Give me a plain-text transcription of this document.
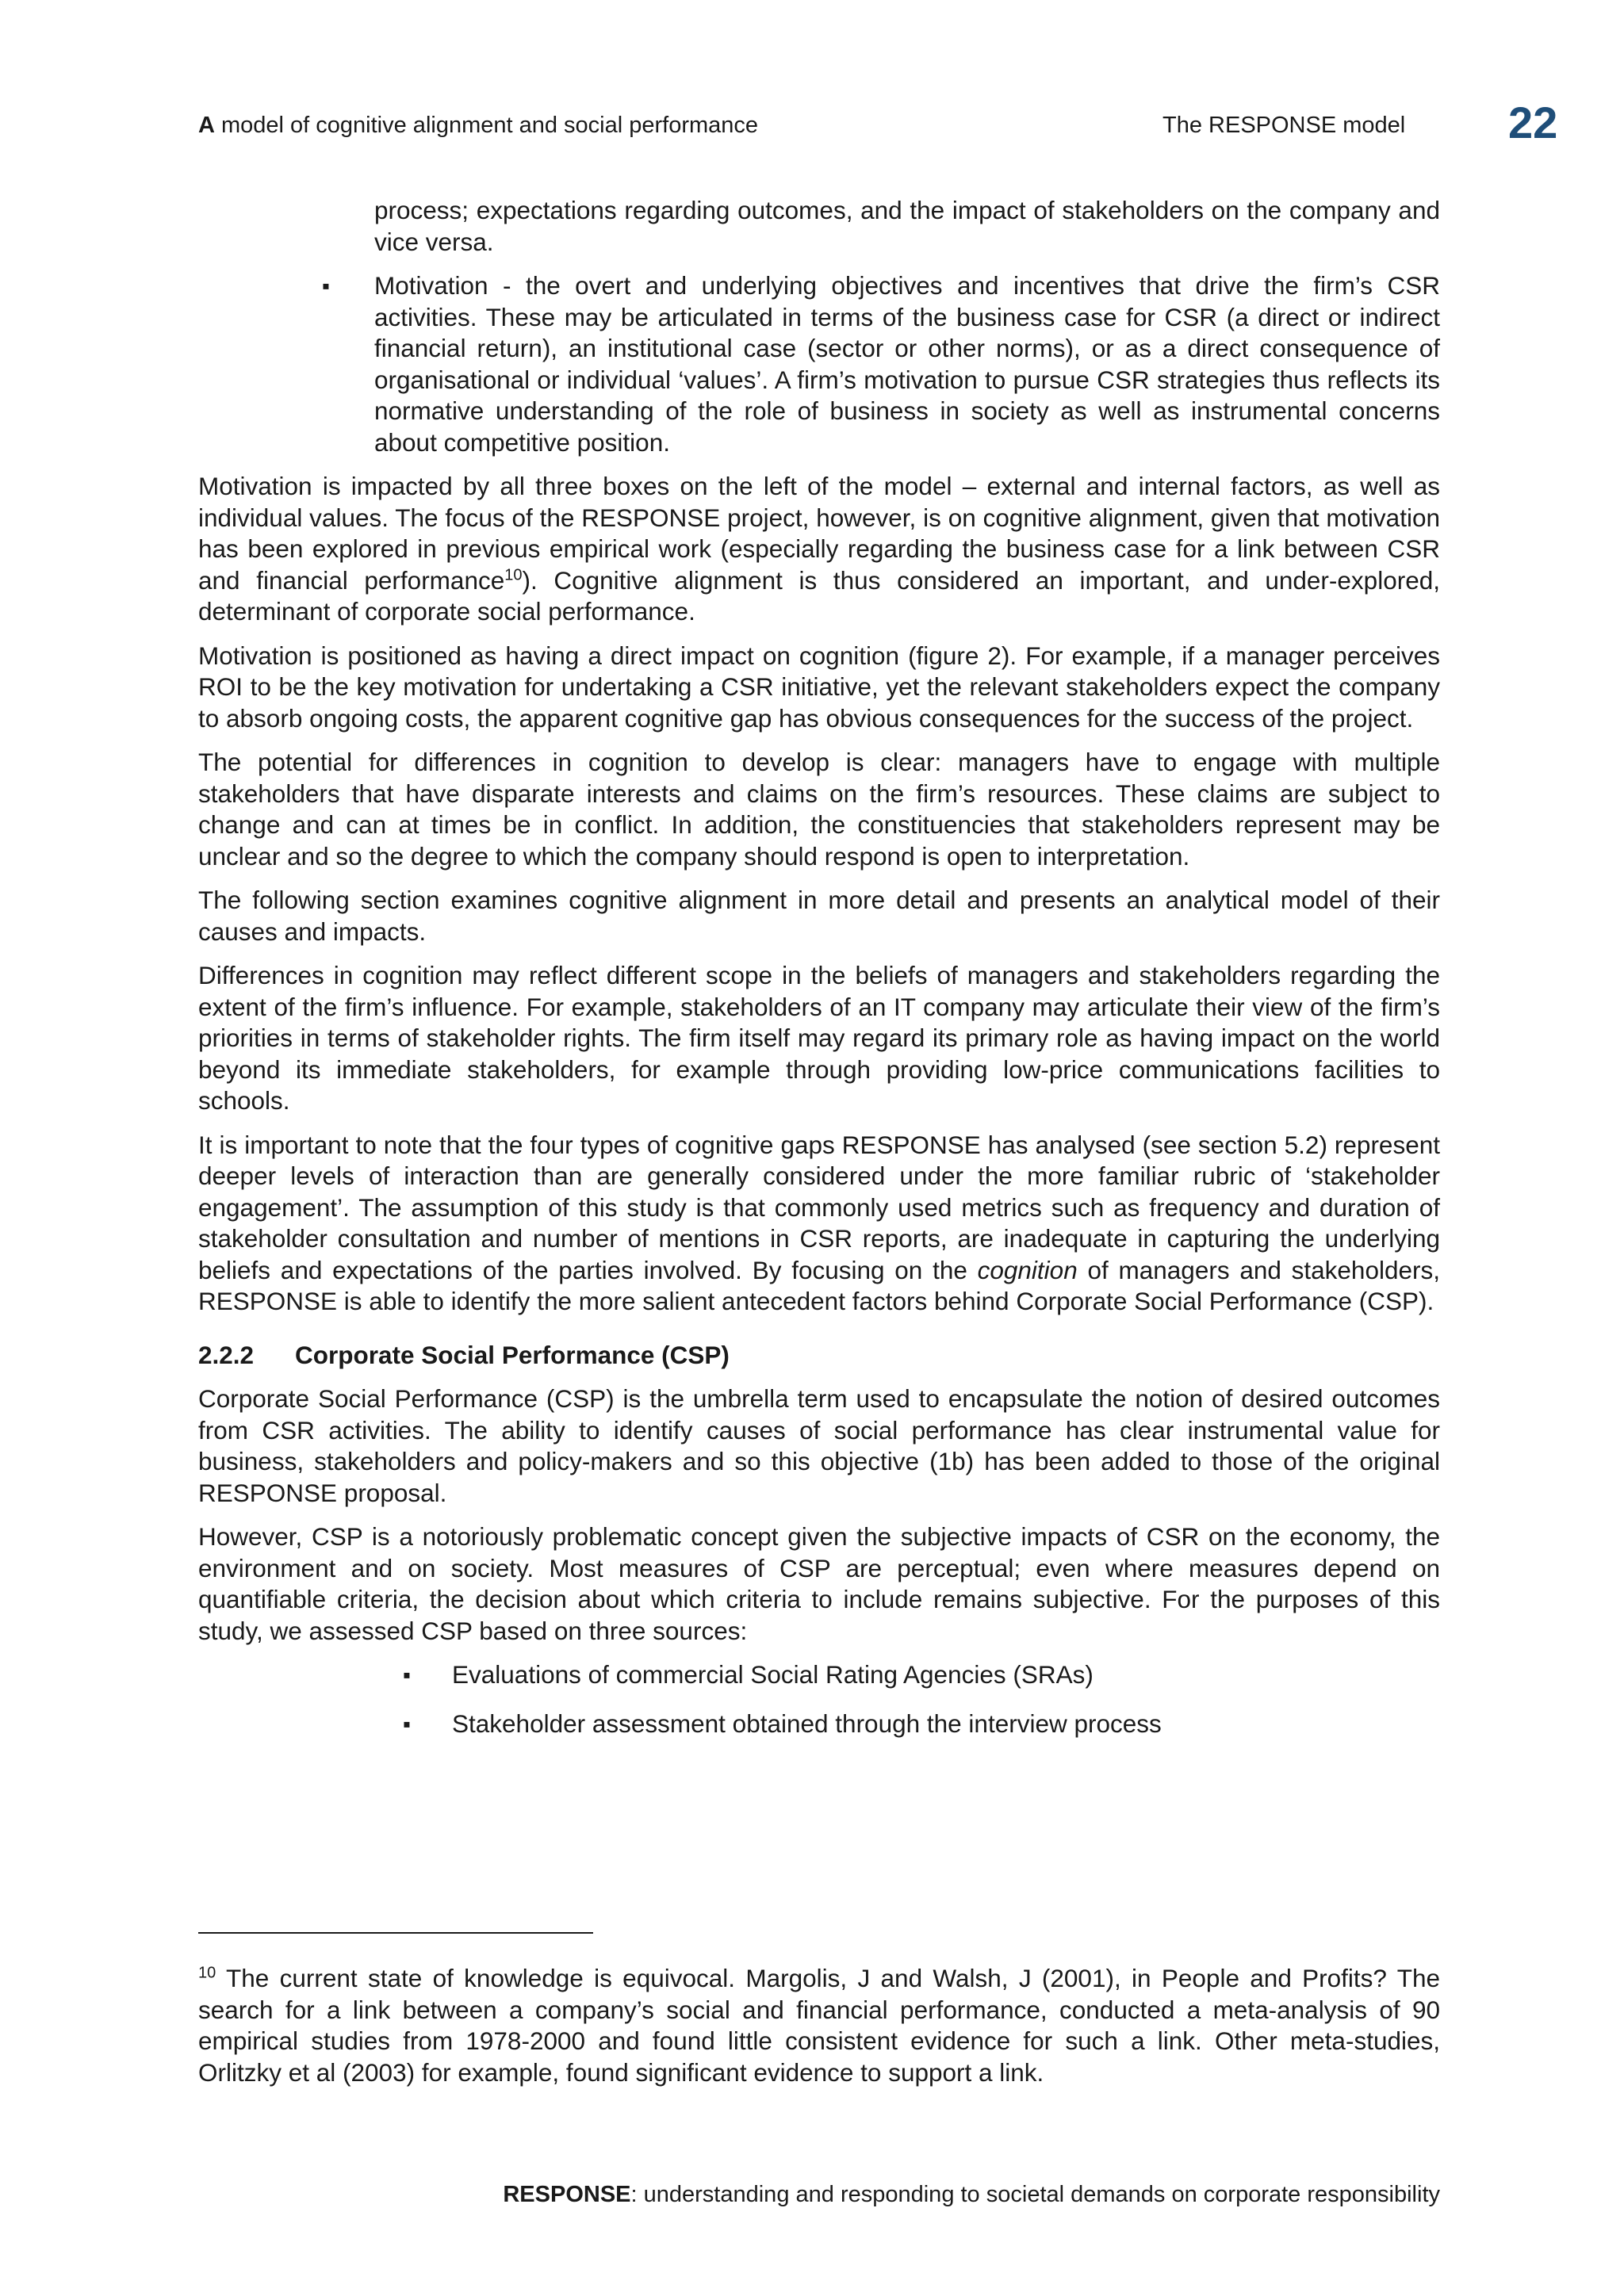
A model of cognitive alignment and social performance	The RESPONSE model 22

process; expectations regarding outcomes, and the impact of stakeholders on the company and vice versa.

▪ Motivation - the overt and underlying objectives and incentives that drive the firm’s CSR activities. These may be articulated in terms of the business case for CSR (a direct or indirect financial return), an institutional case (sector or other norms), or as a direct consequence of organisational or individual ‘values’. A firm’s motivation to pursue CSR strategies thus reflects its normative understanding of the role of business in society as well as instrumental concerns about competitive position.

Motivation is impacted by all three boxes on the left of the model – external and internal factors, as well as individual values. The focus of the RESPONSE project, however, is on cognitive alignment, given that motivation has been explored in previous empirical work (especially regarding the business case for a link between CSR and financial performance$^{10}$). Cognitive alignment is thus considered an important, and under-explored, determinant of corporate social performance.

Motivation is positioned as having a direct impact on cognition (figure 2). For example, if a manager perceives ROI to be the key motivation for undertaking a CSR initiative, yet the relevant stakeholders expect the company to absorb ongoing costs, the apparent cognitive gap has obvious consequences for the success of the project.

The potential for differences in cognition to develop is clear: managers have to engage with multiple stakeholders that have disparate interests and claims on the firm’s resources. These claims are subject to change and can at times be in conflict. In addition, the constituencies that stakeholders represent may be unclear and so the degree to which the company should respond is open to interpretation.

The following section examines cognitive alignment in more detail and presents an analytical model of their causes and impacts.

Differences in cognition may reflect different scope in the beliefs of managers and stakeholders regarding the extent of the firm’s influence. For example, stakeholders of an IT company may articulate their view of the firm’s priorities in terms of stakeholder rights. The firm itself may regard its primary role as having impact on the world beyond its immediate stakeholders, for example through providing low-price communications facilities to schools.

It is important to note that the four types of cognitive gaps RESPONSE has analysed (see section 5.2) represent deeper levels of interaction than are generally considered under the more familiar rubric of ‘stakeholder engagement’. The assumption of this study is that commonly used metrics such as frequency and duration of stakeholder consultation and number of mentions in CSR reports, are inadequate in capturing the underlying beliefs and expectations of the parties involved. By focusing on the cognition of managers and stakeholders, RESPONSE is able to identify the more salient antecedent factors behind Corporate Social Performance (CSP).

2.2.2 Corporate Social Performance (CSP)

Corporate Social Performance (CSP) is the umbrella term used to encapsulate the notion of desired outcomes from CSR activities. The ability to identify causes of social performance has clear instrumental value for business, stakeholders and policy-makers and so this objective (1b) has been added to those of the original RESPONSE proposal.

However, CSP is a notoriously problematic concept given the subjective impacts of CSR on the economy, the environment and on society. Most measures of CSP are perceptual; even where measures depend on quantifiable criteria, the decision about which criteria to include remains subjective. For the purposes of this study, we assessed CSP based on three sources:

▪ Evaluations of commercial Social Rating Agencies (SRAs)
▪ Stakeholder assessment obtained through the interview process
$^{10}$ The current state of knowledge is equivocal. Margolis, J and Walsh, J (2001), in People and Profits? The search for a link between a company’s social and financial performance, conducted a meta-analysis of 90 empirical studies from 1978-2000 and found little consistent evidence for such a link. Other meta-studies, Orlitzky et al (2003) for example, found significant evidence to support a link.
RESPONSE: understanding and responding to societal demands on corporate responsibility
